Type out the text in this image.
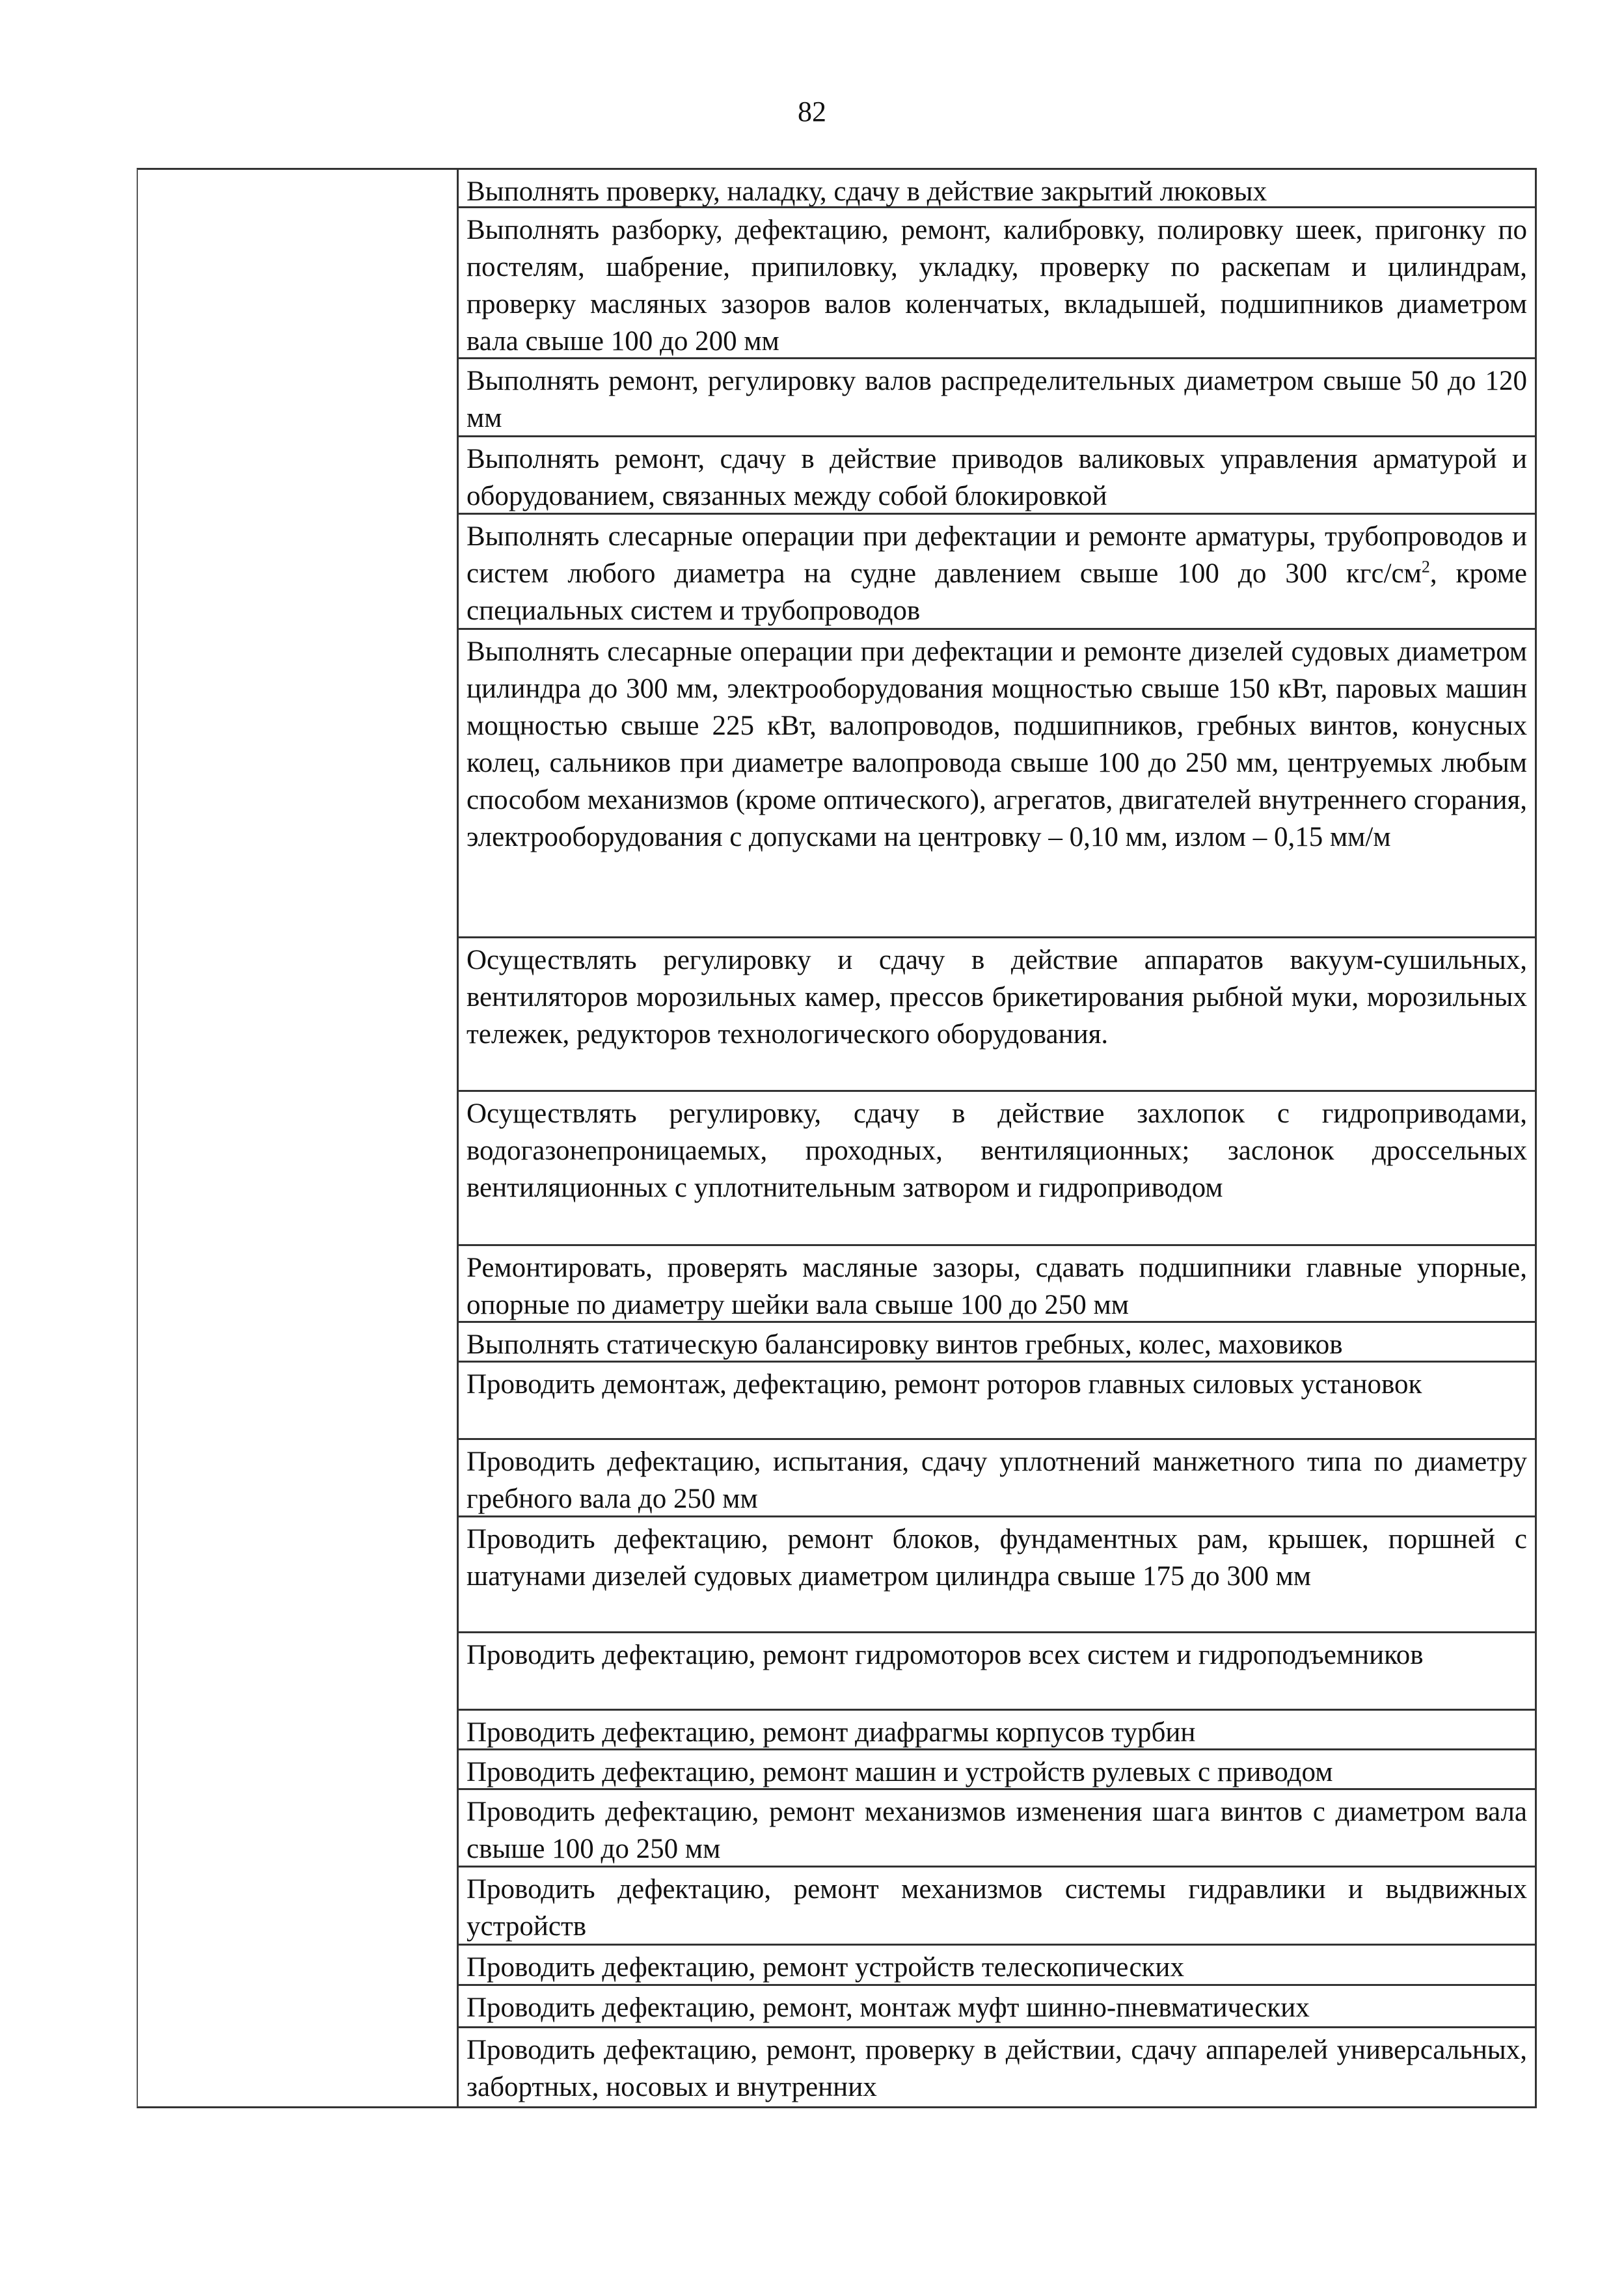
82
Выполнять проверку, наладку, сдачу в действие закрытий люковых
Выполнять разборку, дефектацию, ремонт, калибровку, полировку шеек, пригонку по постелям, шабрение, припиловку, укладку, проверку по раскепам и цилиндрам, проверку масляных зазоров валов коленчатых, вкладышей, подшипников диаметром вала свыше 100 до 200 мм
Выполнять ремонт, регулировку валов распределительных диаметром свыше 50 до 120 мм
Выполнять ремонт, сдачу в действие приводов валиковых управления арматурой и оборудованием, связанных между собой блокировкой
Выполнять слесарные операции при дефектации и ремонте арматуры, трубопроводов и систем любого диаметра на судне давлением свыше 100 до 300 кгс/$см^2$, кроме специальных систем и трубопроводов
Выполнять слесарные операции при дефектации и ремонте дизелей судовых диаметром цилиндра до 300 мм, электрооборудования мощностью свыше 150 кВт, паровых машин мощностью свыше 225 кВт, валопроводов, подшипников, гребных винтов, конусных колец, сальников при диаметре валопровода свыше 100 до 250 мм, центруемых любым способом механизмов (кроме оптического), агрегатов, двигателей внутреннего сгорания, электрооборудования с допусками на центровку – 0,10 мм, излом – 0,15 мм/м
Осуществлять регулировку и сдачу в действие аппаратов вакуум-сушильных, вентиляторов морозильных камер, прессов брикетирования рыбной муки, морозильных тележек, редукторов технологического оборудования.
Осуществлять регулировку, сдачу в действие захлопок с гидроприводами, водогазонепроницаемых, проходных, вентиляционных; заслонок дроссельных вентиляционных с уплотнительным затвором и гидроприводом
Ремонтировать, проверять масляные зазоры, сдавать подшипники главные упорные, опорные по диаметру шейки вала свыше 100 до 250 мм
Выполнять статическую балансировку винтов гребных, колес, маховиков
Проводить демонтаж, дефектацию, ремонт роторов главных силовых установок
Проводить дефектацию, испытания, сдачу уплотнений манжетного типа по диаметру гребного вала до 250 мм
Проводить дефектацию, ремонт блоков, фундаментных рам, крышек, поршней с шатунами дизелей судовых диаметром цилиндра свыше 175 до 300 мм
Проводить дефектацию, ремонт гидромоторов всех систем и гидроподъемников
Проводить дефектацию, ремонт диафрагмы корпусов турбин
Проводить дефектацию, ремонт машин и устройств рулевых с приводом
Проводить дефектацию, ремонт механизмов изменения шага винтов с диаметром вала свыше 100 до 250 мм
Проводить дефектацию, ремонт механизмов системы гидравлики и выдвижных устройств
Проводить дефектацию, ремонт устройств телескопических
Проводить дефектацию, ремонт, монтаж муфт шинно-пневматических
Проводить дефектацию, ремонт, проверку в действии, сдачу аппарелей универсальных, забортных, носовых и внутренних
